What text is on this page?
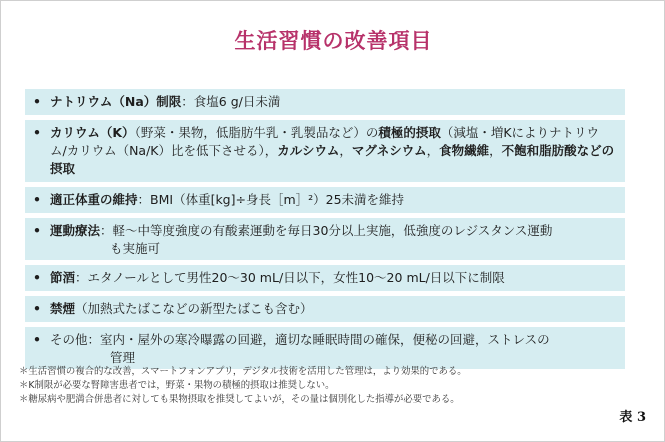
生活習慣の改善項目
• ナトリウム（Na）制限：食塩6 g/日未満
• カリウム（K）（野菜・果物，低脂肪牛乳・乳製品など）の積極的摂取（減塩・増Kによりナトリウム/カリウム（Na/K）比を低下させる），カルシウム，マグネシウム，食物繊維，不飽和脂肪酸などの摂取
• 適正体重の維持：BMI（体重[kg]÷身長［m］²）25未満を維持
• 運動療法：軽～中等度強度の有酸素運動を毎日30分以上実施，低強度のレジスタンス運動
も実施可
• 節酒：エタノールとして男性20～30 mL/日以下，女性10～20 mL/日以下に制限
• 禁煙（加熱式たばこなどの新型たばこも含む）
• その他：室内・屋外の寒冷曝露の回避，適切な睡眠時間の確保，便秘の回避，ストレスの
管理
＊生活習慣の複合的な改善，スマートフォンアプリ，デジタル技術を活用した管理は，より効果的である。
＊K制限が必要な腎障害患者では，野菜・果物の積極的摂取は推奨しない。
＊糖尿病や肥満合併患者に対しても果物摂取を推奨してよいが，その量は個別化した指導が必要である。
表 3
